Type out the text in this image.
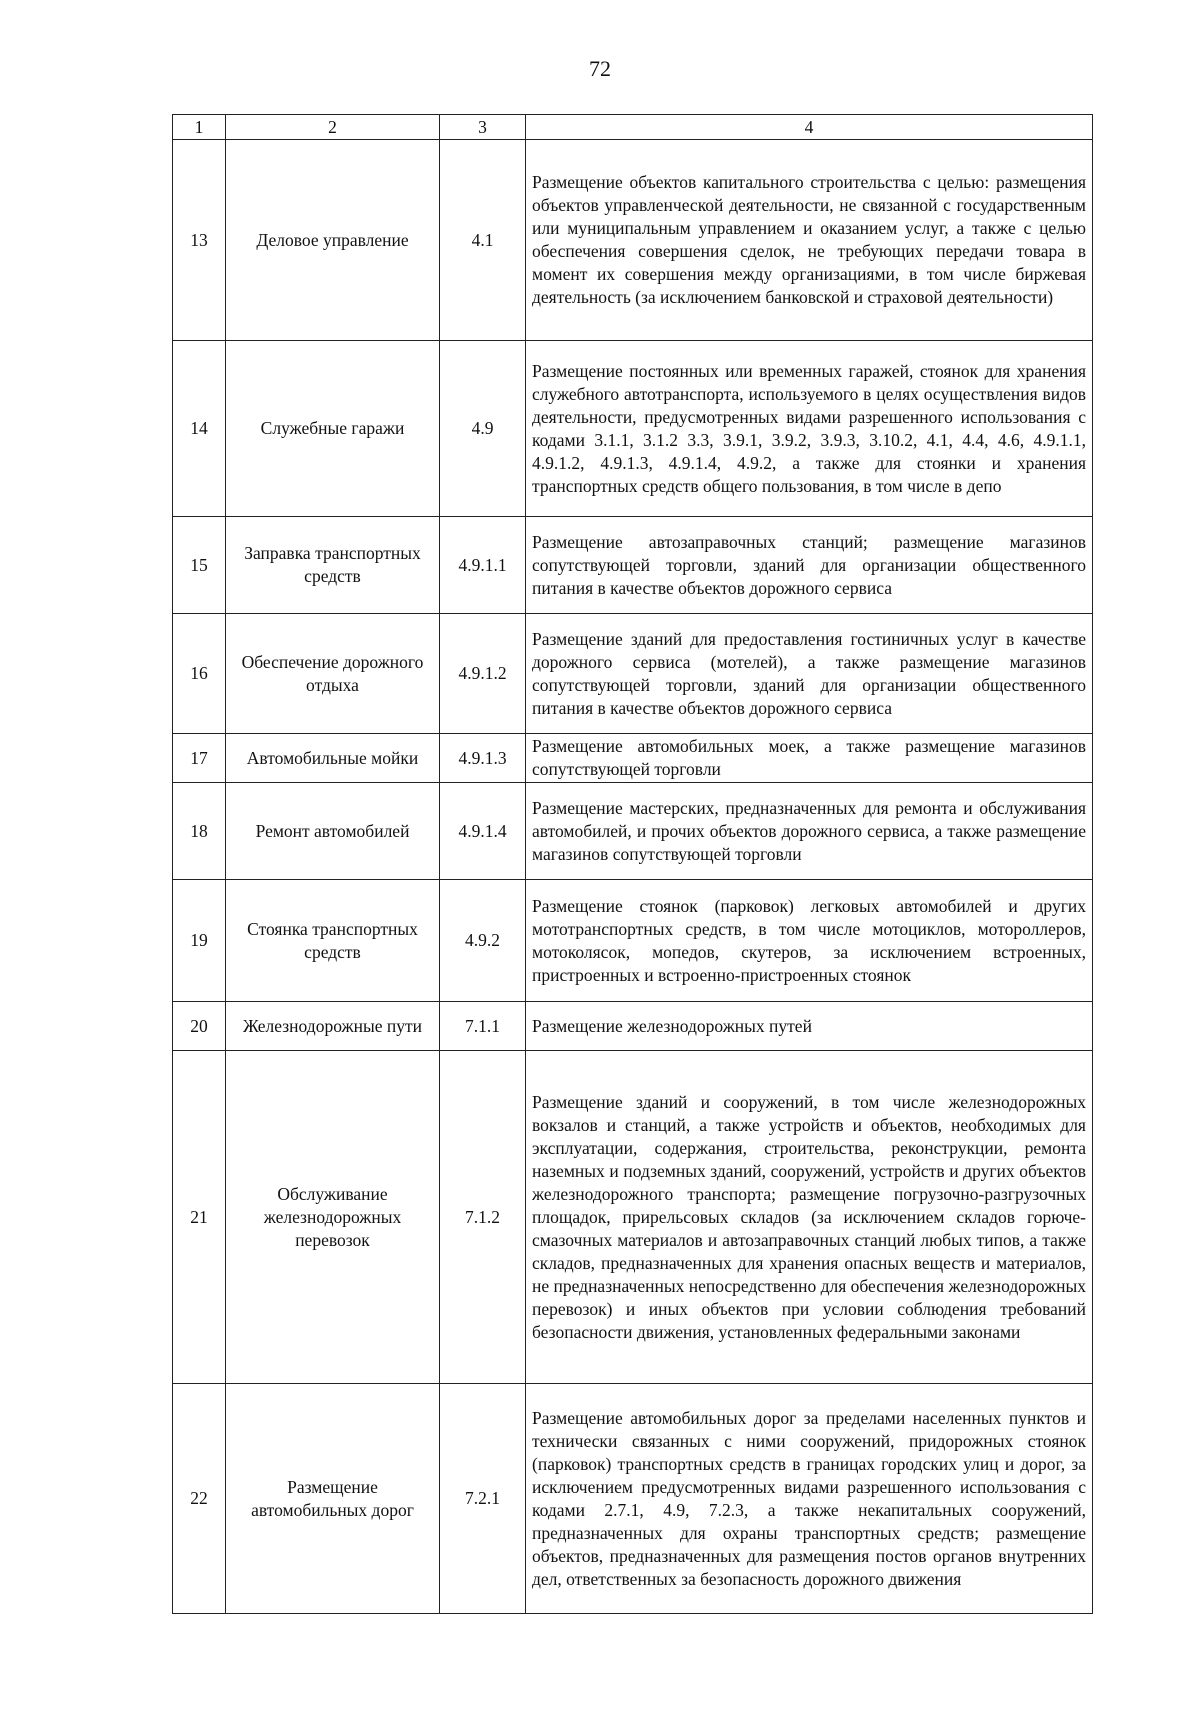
72
1	2	3	4
13	Деловое управление	4.1	Размещение объектов капитального строительства с целью: размещения объектов управленческой деятельности, не связанной с государственным или муниципальным управлением и оказанием услуг, а также с целью обеспечения совершения сделок, не требующих передачи товара в момент их совершения между организациями, в том числе биржевая деятельность (за исключением банковской и страховой деятельности)
14	Служебные гаражи	4.9	Размещение постоянных или временных гаражей, стоянок для хранения служебного автотранспорта, используемого в целях осуществления видов деятельности, предусмотренных видами разрешенного использования с кодами 3.1.1, 3.1.2 3.3, 3.9.1, 3.9.2, 3.9.3, 3.10.2, 4.1, 4.4, 4.6, 4.9.1.1, 4.9.1.2, 4.9.1.3, 4.9.1.4, 4.9.2, а также для стоянки и хранения транспортных средств общего пользования, в том числе в депо
15	Заправка транспортных средств	4.9.1.1	Размещение автозаправочных станций; размещение магазинов сопутствующей торговли, зданий для организации общественного питания в качестве объектов дорожного сервиса
16	Обеспечение дорожного отдыха	4.9.1.2	Размещение зданий для предоставления гостиничных услуг в качестве дорожного сервиса (мотелей), а также размещение магазинов сопутствующей торговли, зданий для организации общественного питания в качестве объектов дорожного сервиса
17	Автомобильные мойки	4.9.1.3	Размещение автомобильных моек, а также размещение магазинов сопутствующей торговли
18	Ремонт автомобилей	4.9.1.4	Размещение мастерских, предназначенных для ремонта и обслуживания автомобилей, и прочих объектов дорожного сервиса, а также размещение магазинов сопутствующей торговли
19	Стоянка транспортных средств	4.9.2	Размещение стоянок (парковок) легковых автомобилей и других мототранспортных средств, в том числе мотоциклов, мотороллеров, мотоколясок, мопедов, скутеров, за исключением встроенных, пристроенных и встроенно-пристроенных стоянок
20	Железнодорожные пути	7.1.1	Размещение железнодорожных путей
21	Обслуживание железнодорожных перевозок	7.1.2	Размещение зданий и сооружений, в том числе железнодорожных вокзалов и станций, а также устройств и объектов, необходимых для эксплуатации, содержания, строительства, реконструкции, ремонта наземных и подземных зданий, сооружений, устройств и других объектов железнодорожного транспорта; размещение погрузочно-разгрузочных площадок, прирельсовых складов (за исключением складов горюче-смазочных материалов и автозаправочных станций любых типов, а также складов, предназначенных для хранения опасных веществ и материалов, не предназначенных непосредственно для обеспечения железнодорожных перевозок) и иных объектов при условии соблюдения требований безопасности движения, установленных федеральными законами
22	Размещение автомобильных дорог	7.2.1	Размещение автомобильных дорог за пределами населенных пунктов и технически связанных с ними сооружений, придорожных стоянок (парковок) транспортных средств в границах городских улиц и дорог, за исключением предусмотренных видами разрешенного использования с кодами 2.7.1, 4.9, 7.2.3, а также некапитальных сооружений, предназначенных для охраны транспортных средств; размещение объектов, предназначенных для размещения постов органов внутренних дел, ответственных за безопасность дорожного движения
